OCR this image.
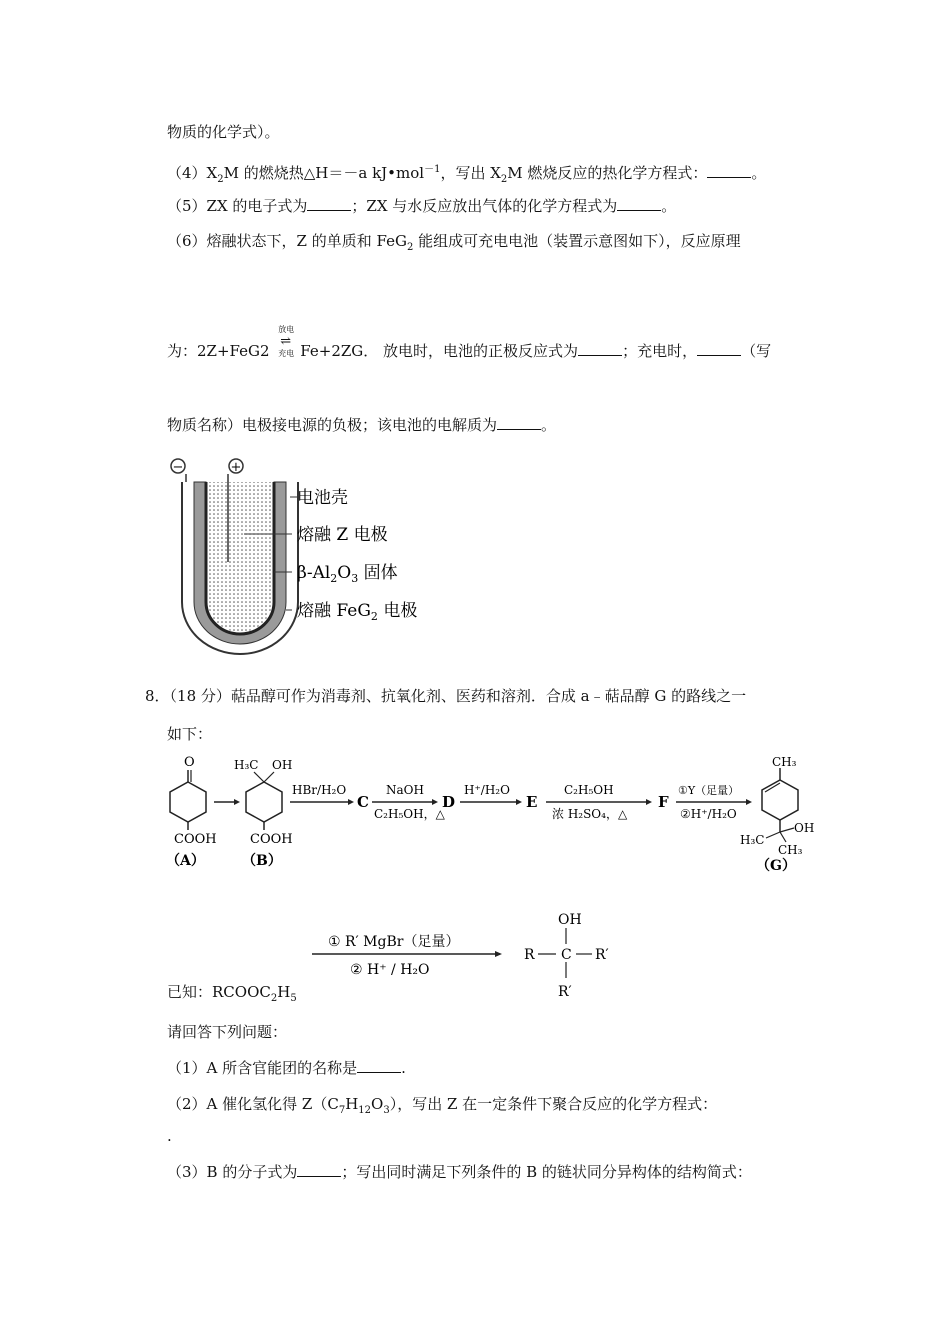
物质的化学式）。
$(4)X_2M$ 的燃烧热△H＝－a kJ•mol$^{-1}$，写出 $X_2M$ 燃烧反应的热化学方程式：	。
（5）ZX 的电子式为	；ZX 与水反应放出气体的化学方程式为	。
（6）熔融状态下，Z 的单质和 FeG$_2$ 能组成可充电电池（装置示意图如下），反应原理
为：2Z+FeG2
放电
⇌
充电 Fe+2ZG． 放电时，电池的正极反应式为	；充电时，	（写
物质名称）电极接电源的负极；该电池的电解质为	。
−	+
电池壳
熔融 Z 电极
$\beta-Al_2O_3$ 固体
熔融 FeG$_2$ 电极
8．（18 分）萜品醇可作为消毒剂、抗氧化剂、医药和溶剂．合成 a﹣萜品醇 G 的路线之一
如下：
O
COOH
（A）
H₃C OH
COOH
（B）
HBr/H₂O
C
NaOH
C₂H₅OH，△
D
H⁺/H₂O
E
C₂H₅OH
浓 H₂SO₄，△
F
①Y（足量）
②H⁺/H₂O
CH₃
OH
H₃C
CH₃
（G）
① R′ MgBr（足量）
② H⁺ / H₂O
OH
R C R′
R′
已知：$RCOOC_2H_5$
请回答下列问题：
（1）A 所含官能团的名称是	.
（2）A 催化氢化得 $Z(C_7H_{12}O_3)$，写出 Z 在一定条件下聚合反应的化学方程式：
.
（3）B 的分子式为	；写出同时满足下列条件的 B 的链状同分异构体的结构简式：
